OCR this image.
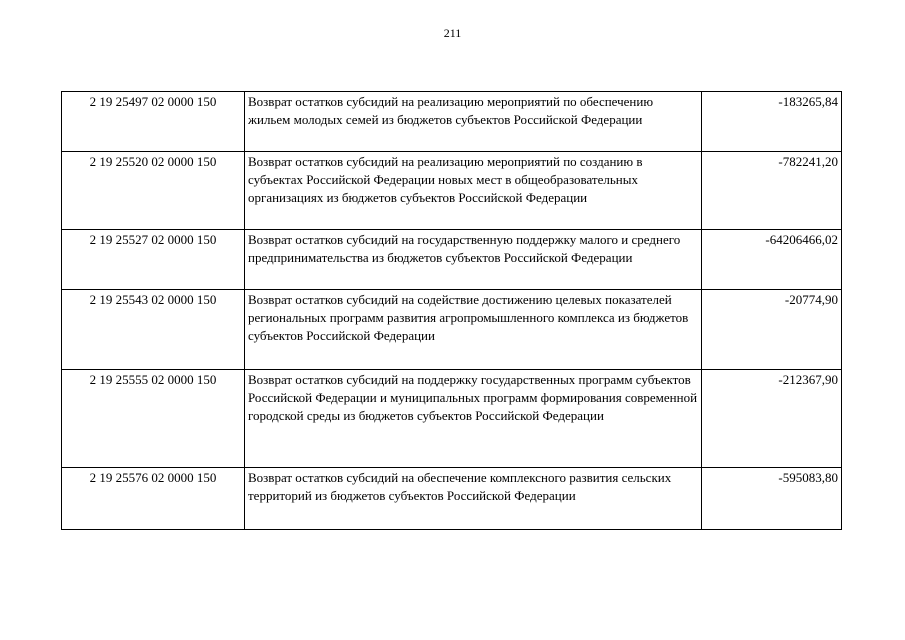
211
2 19 25497 02 0000 150	Возврат остатков субсидий на реализацию мероприятий по обеспечению жильем молодых семей из бюджетов субъектов Российской Федерации	-183265,84
2 19 25520 02 0000 150	Возврат остатков субсидий на реализацию мероприятий по созданию в субъектах Российской Федерации новых мест в общеобразовательных организациях из бюджетов субъектов Российской Федерации	-782241,20
2 19 25527 02 0000 150	Возврат остатков субсидий на государственную поддержку малого и среднего предпринимательства из бюджетов субъектов Российской Федерации	-64206466,02
2 19 25543 02 0000 150	Возврат остатков субсидий на содействие достижению целевых показателей региональных программ развития агропромышленного комплекса из бюджетов субъектов Российской Федерации	-20774,90
2 19 25555 02 0000 150	Возврат остатков субсидий на поддержку государственных программ субъектов Российской Федерации и муниципальных программ формирования современной городской среды из бюджетов субъектов Российской Федерации	-212367,90
2 19 25576 02 0000 150	Возврат остатков субсидий на обеспечение комплексного развития сельских территорий из бюджетов субъектов Российской Федерации	-595083,80
